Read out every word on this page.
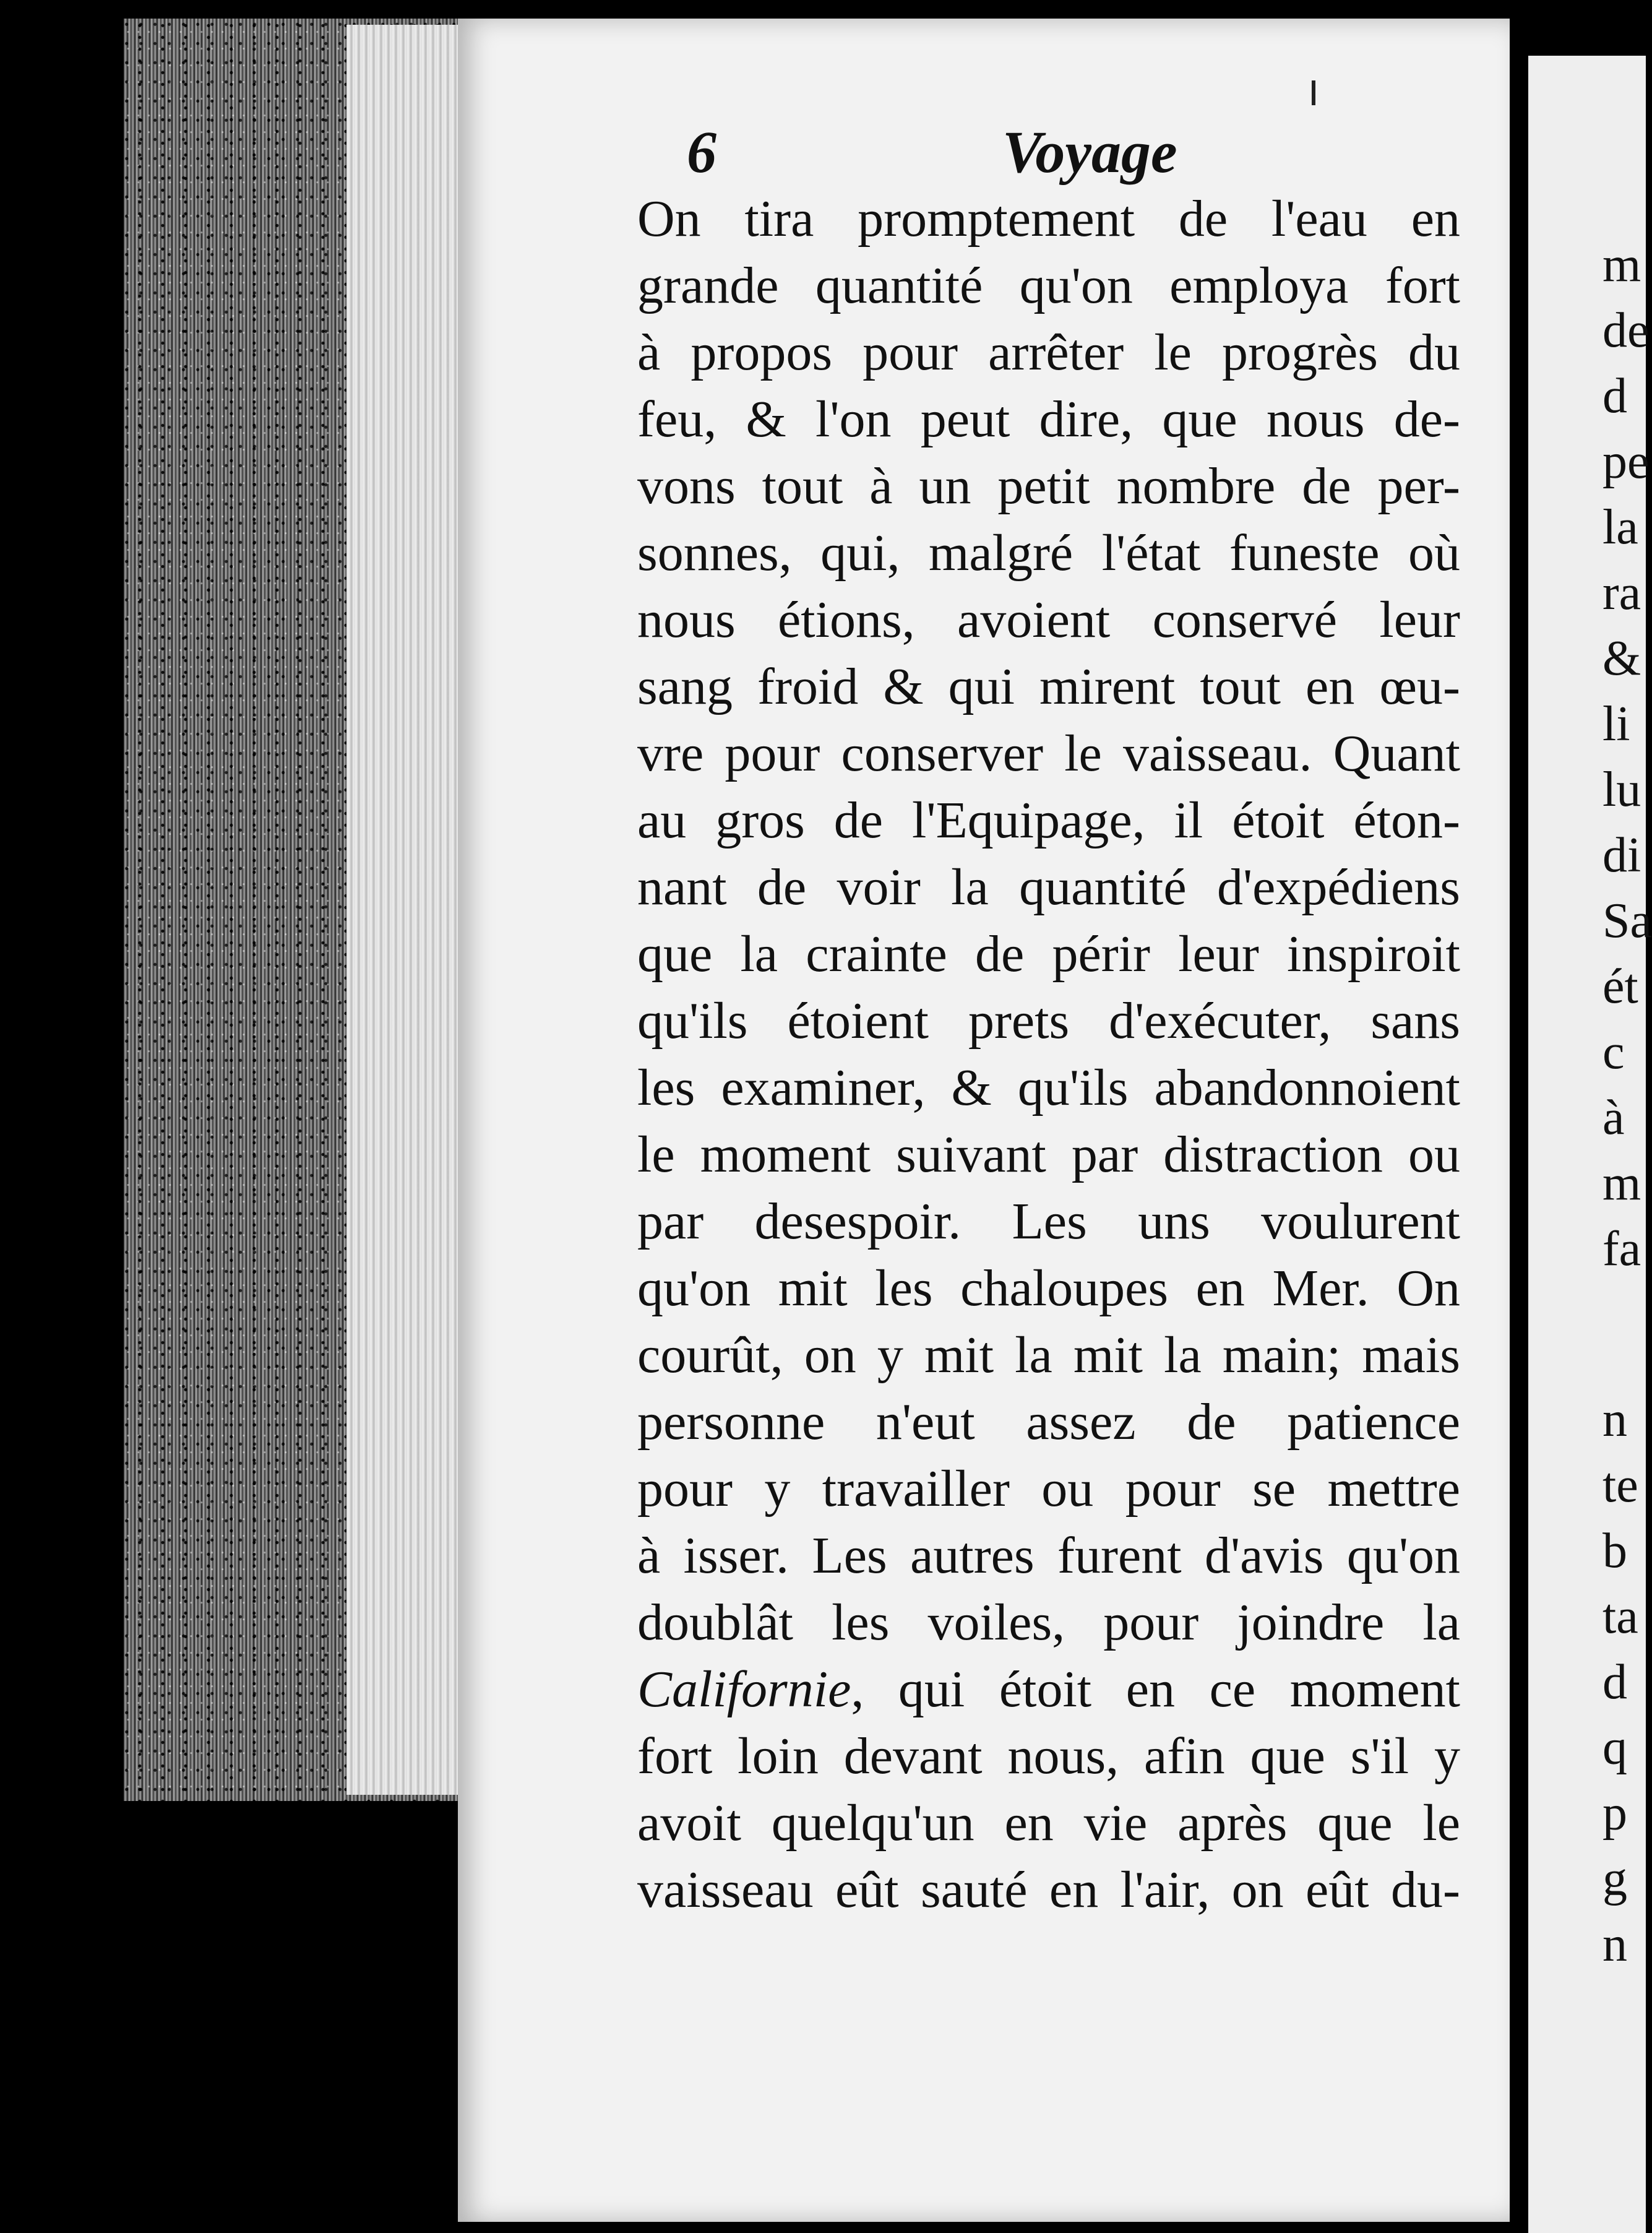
6	Voyage
On tira promptement de l'eau en
grande quantité qu'on employa fort
à propos pour arrêter le progrès du
feu, & l'on peut dire, que nous de-
vons tout à un petit nombre de per-
sonnes, qui, malgré l'état funeste où
nous étions, avoient conservé leur
sang froid & qui mirent tout en œu-
vre pour conserver le vaisseau. Quant
au gros de l'Equipage, il étoit éton-
nant de voir la quantité d'expédiens
que la crainte de périr leur inspiroit
qu'ils étoient prets d'exécuter, sans
les examiner, & qu'ils abandonnoient
le moment suivant par distraction ou
par desespoir. Les uns voulurent
qu'on mit les chaloupes en Mer. On
courût, on y mit la mit la main; mais
personne n'eut assez de patience
pour y travailler ou pour se mettre
à isser. Les autres furent d'avis qu'on
doublât les voiles, pour joindre la
Californie, qui étoit en ce moment
fort loin devant nous, afin que s'il y
avoit quelqu'un en vie après que le
vaisseau eût sauté en l'air, on eût du-
m
de
d
pe
la
ra
&
li
lu
di
Sa
ét
c
à
m
fa
n
te
b
ta
d
q
p
g
n
